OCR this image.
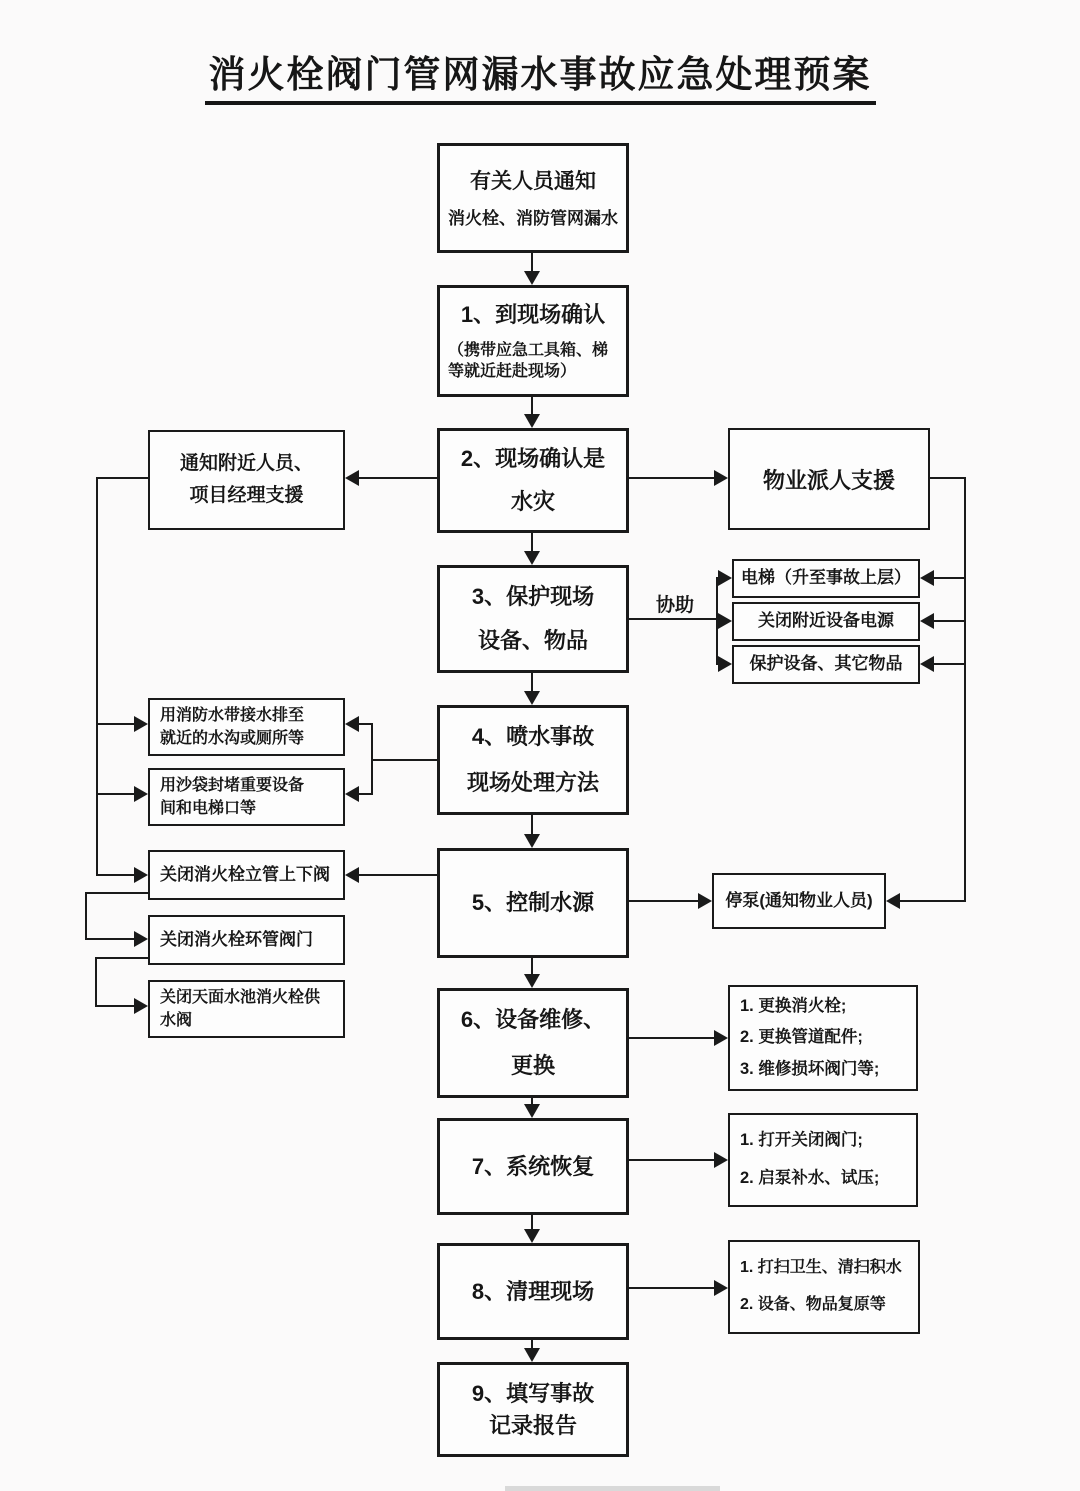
消火栓阀门管网漏水事故应急处理预案
有关人员通知
消火栓、消防管网漏水
1、到现场确认
（携带应急工具箱、梯等就近赶赴现场）
2、现场确认是
水灾
3、保护现场
设备、物品
4、喷水事故
现场处理方法
5、控制水源
6、设备维修、
更换
7、系统恢复
8、清理现场
9、填写事故
记录报告
通知附近人员、
项目经理支援
用消防水带接水排至
就近的水沟或厕所等
用沙袋封堵重要设备
间和电梯口等
关闭消火栓立管上下阀
关闭消火栓环管阀门
关闭天面水池消火栓供
水阀
物业派人支援
协助
电梯（升至事故上层）
关闭附近设备电源
保护设备、其它物品
停泵(通知物业人员)
1. 更换消火栓;
2. 更换管道配件;
3. 维修损坏阀门等;
1. 打开关闭阀门;
2. 启泵补水、试压;
1. 打扫卫生、清扫积水
2. 设备、物品复原等
